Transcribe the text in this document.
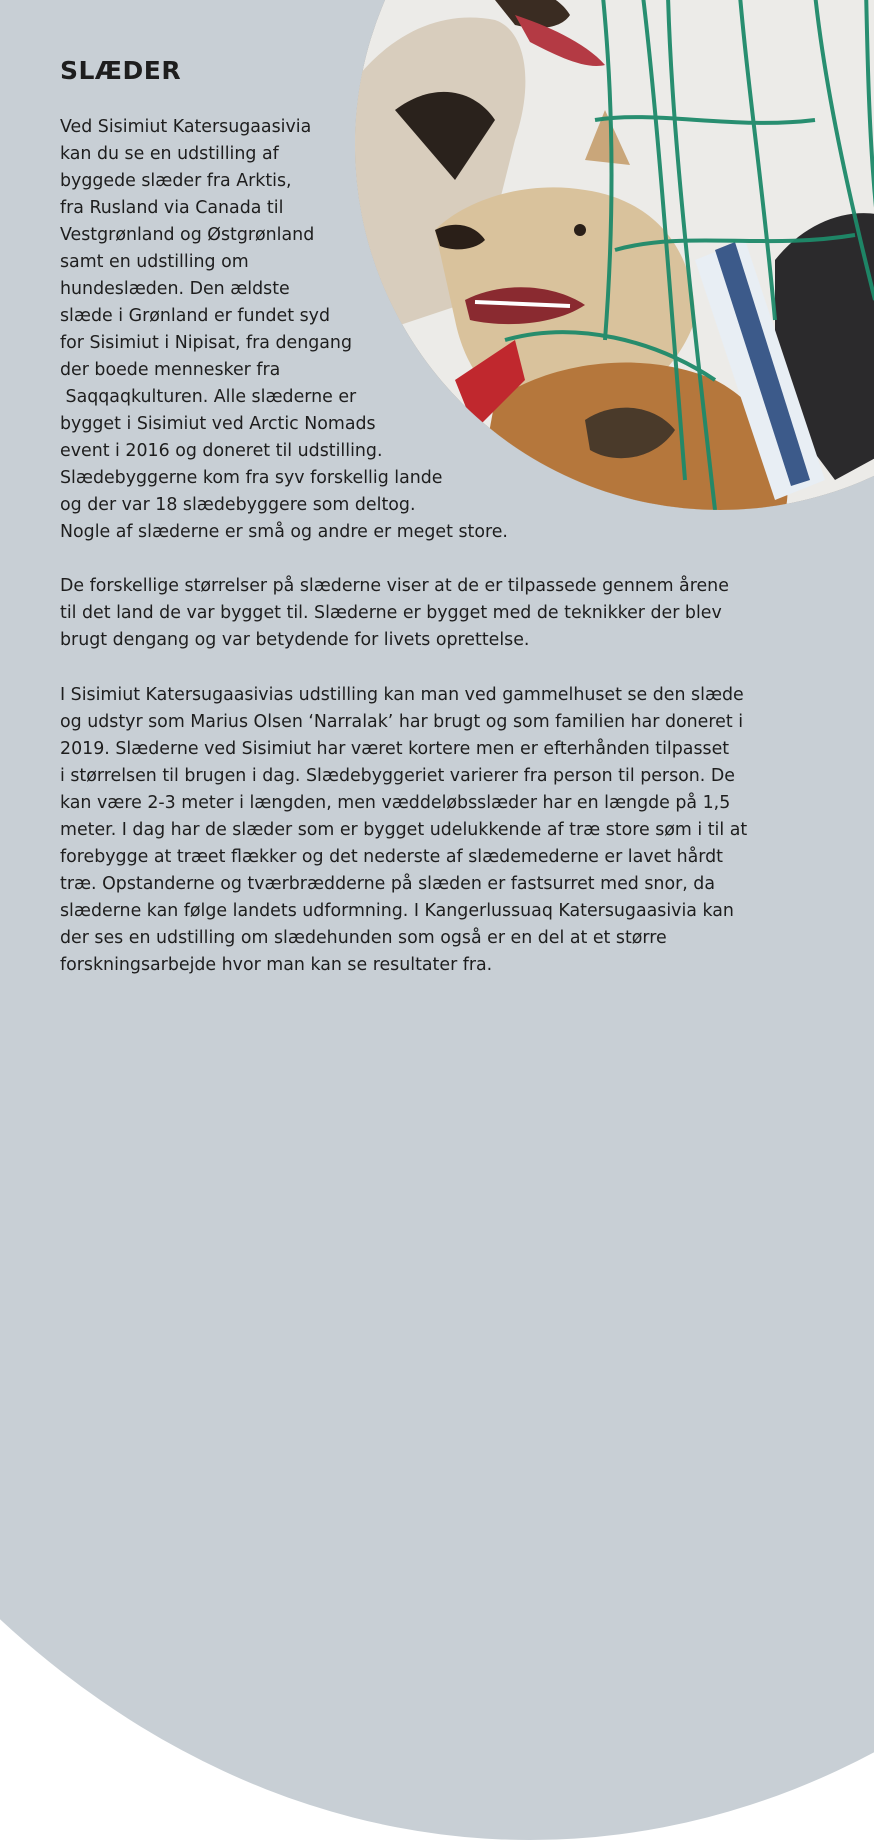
SLÆDER

Ved Sisimiut Katersugaasivia
kan du se en udstilling af
byggede slæder fra Arktis,
fra Rusland via Canada til
Vestgrønland og Østgrønland
samt en udstilling om
hundeslæden. Den ældste
slæde i Grønland er fundet syd
for Sisimiut i Nipisat, fra dengang
der boede mennesker fra
Saqqaqkulturen. Alle slæderne er
bygget i Sisimiut ved Arctic Nomads
event i 2016 og doneret til udstilling.
Slædebyggerne kom fra syv forskellig lande
og der var 18 slædebyggere som deltog.
Nogle af slæderne er små og andre er meget store.

De forskellige størrelser på slæderne viser at de er tilpassede gennem årene
til det land de var bygget til. Slæderne er bygget med de teknikker der blev
brugt dengang og var betydende for livets oprettelse.

I Sisimiut Katersugaasivias udstilling kan man ved gammelhuset se den slæde
og udstyr som Marius Olsen ‘Narralak’ har brugt og som familien har doneret i
2019. Slæderne ved Sisimiut har været kortere men er efterhånden tilpasset
i størrelsen til brugen i dag. Slædebyggeriet varierer fra person til person. De
kan være 2-3 meter i længden, men væddeløbsslæder har en længde på 1,5
meter. I dag har de slæder som er bygget udelukkende af træ store søm i til at
forebygge at træet flækker og det nederste af slædemederne er lavet hårdt
træ. Opstanderne og tværbrædderne på slæden er fastsurret med snor, da
slæderne kan følge landets udformning. I Kangerlussuaq Katersugaasivia kan
der ses en udstilling om slædehunden som også er en del at et større
forskningsarbejde hvor man kan se resultater fra.
